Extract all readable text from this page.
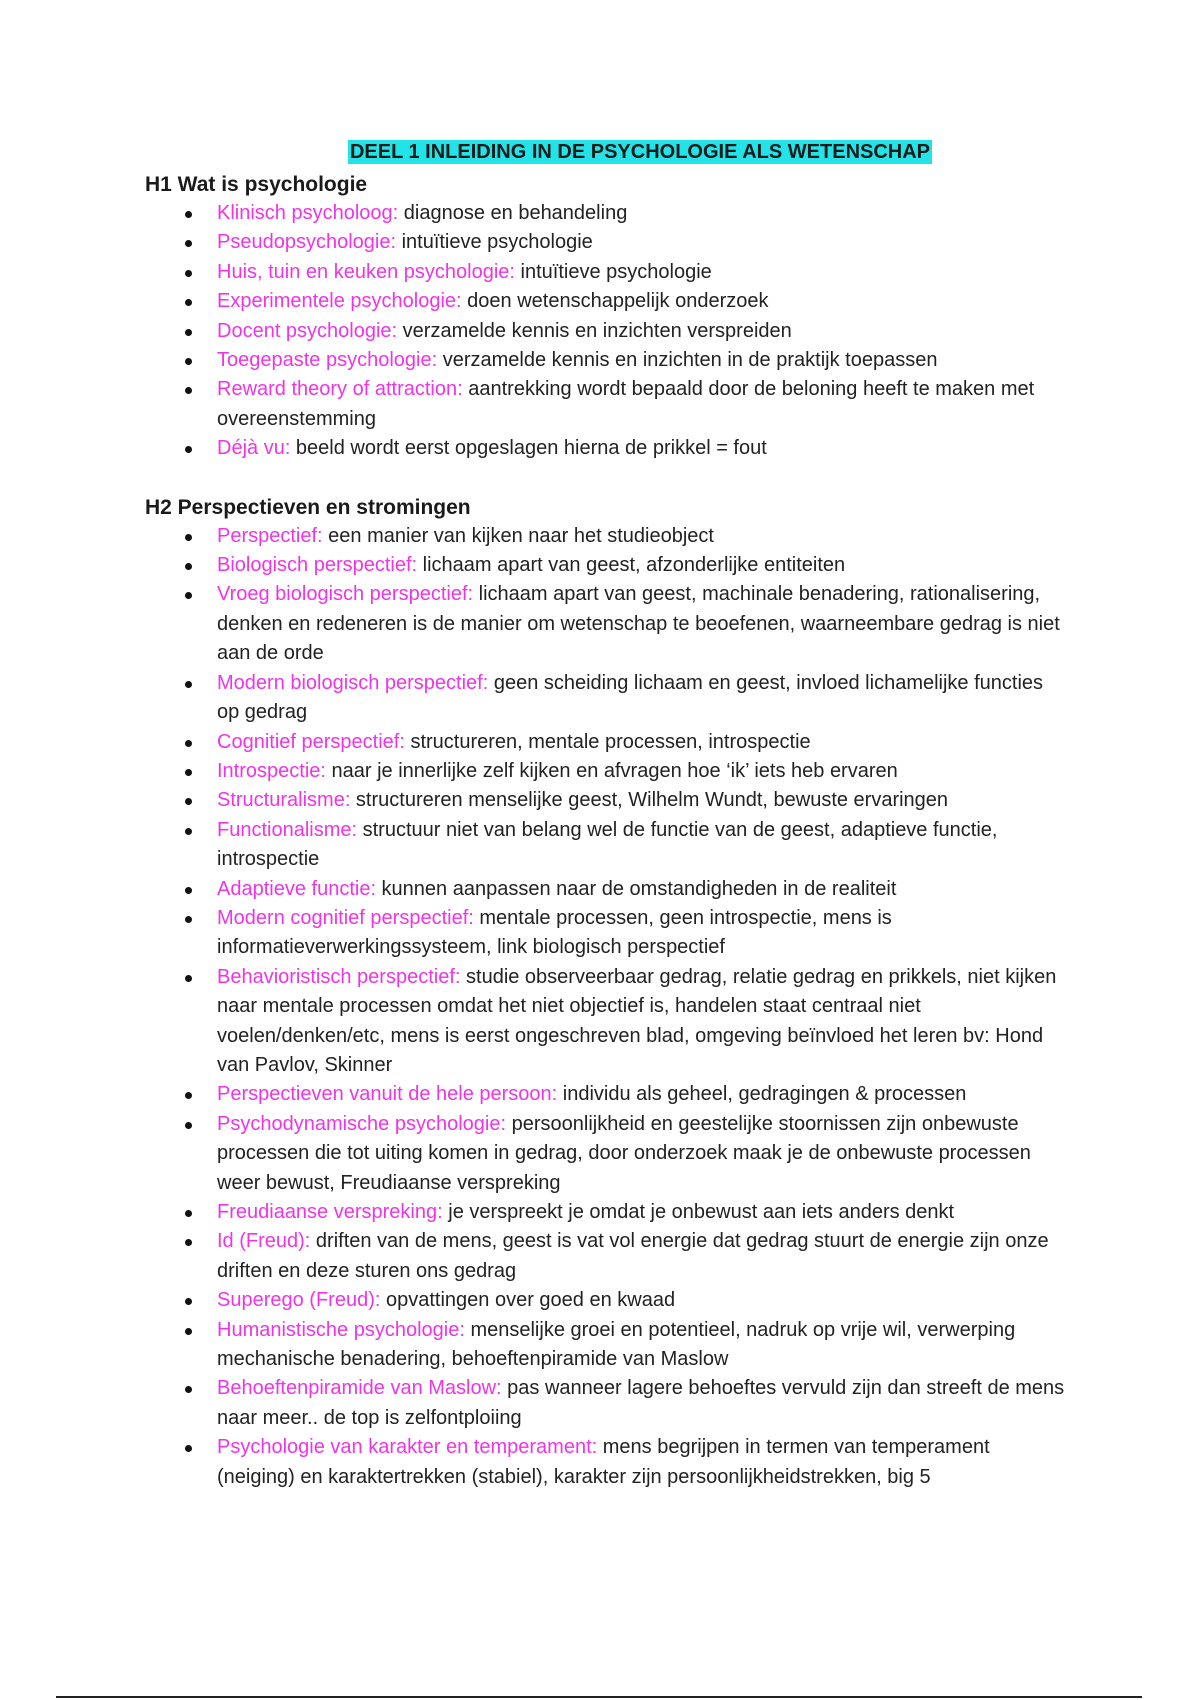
DEEL 1 INLEIDING IN DE PSYCHOLOGIE ALS WETENSCHAP
H1 Wat is psychologie
Klinisch psycholoog: diagnose en behandeling
Pseudopsychologie: intuïtieve psychologie
Huis, tuin en keuken psychologie: intuïtieve psychologie
Experimentele psychologie: doen wetenschappelijk onderzoek
Docent psychologie: verzamelde kennis en inzichten verspreiden
Toegepaste psychologie: verzamelde kennis en inzichten in de praktijk toepassen
Reward theory of attraction: aantrekking wordt bepaald door de beloning heeft te maken met overeenstemming
Déjà vu: beeld wordt eerst opgeslagen hierna de prikkel = fout
H2 Perspectieven en stromingen
Perspectief: een manier van kijken naar het studieobject
Biologisch perspectief: lichaam apart van geest, afzonderlijke entiteiten
Vroeg biologisch perspectief: lichaam apart van geest, machinale benadering, rationalisering, denken en redeneren is de manier om wetenschap te beoefenen, waarneembare gedrag is niet aan de orde
Modern biologisch perspectief: geen scheiding lichaam en geest, invloed lichamelijke functies op gedrag
Cognitief perspectief: structureren, mentale processen, introspectie
Introspectie: naar je innerlijke zelf kijken en afvragen hoe ‘ik’ iets heb ervaren
Structuralisme: structureren menselijke geest, Wilhelm Wundt, bewuste ervaringen
Functionalisme: structuur niet van belang wel de functie van de geest, adaptieve functie, introspectie
Adaptieve functie: kunnen aanpassen naar de omstandigheden in de realiteit
Modern cognitief perspectief: mentale processen, geen introspectie, mens is informatieverwerkingssysteem, link biologisch perspectief
Behavioristisch perspectief: studie observeerbaar gedrag, relatie gedrag en prikkels, niet kijken naar mentale processen omdat het niet objectief is, handelen staat centraal niet voelen/denken/etc, mens is eerst ongeschreven blad, omgeving beïnvloed het leren bv: Hond van Pavlov, Skinner
Perspectieven vanuit de hele persoon: individu als geheel, gedragingen & processen
Psychodynamische psychologie: persoonlijkheid en geestelijke stoornissen zijn onbewuste processen die tot uiting komen in gedrag, door onderzoek maak je de onbewuste processen weer bewust, Freudiaanse verspreking
Freudiaanse verspreking: je verspreekt je omdat je onbewust aan iets anders denkt
Id (Freud): driften van de mens, geest is vat vol energie dat gedrag stuurt de energie zijn onze driften en deze sturen ons gedrag
Superego (Freud): opvattingen over goed en kwaad
Humanistische psychologie: menselijke groei en potentieel, nadruk op vrije wil, verwerping mechanische benadering, behoeftenpiramide van Maslow
Behoeftenpiramide van Maslow: pas wanneer lagere behoeftes vervuld zijn dan streeft de mens naar meer.. de top is zelfontploiing
Psychologie van karakter en temperament: mens begrijpen in termen van temperament (neiging) en karaktertrekken (stabiel), karakter zijn persoonlijkheidstrekken, big 5
